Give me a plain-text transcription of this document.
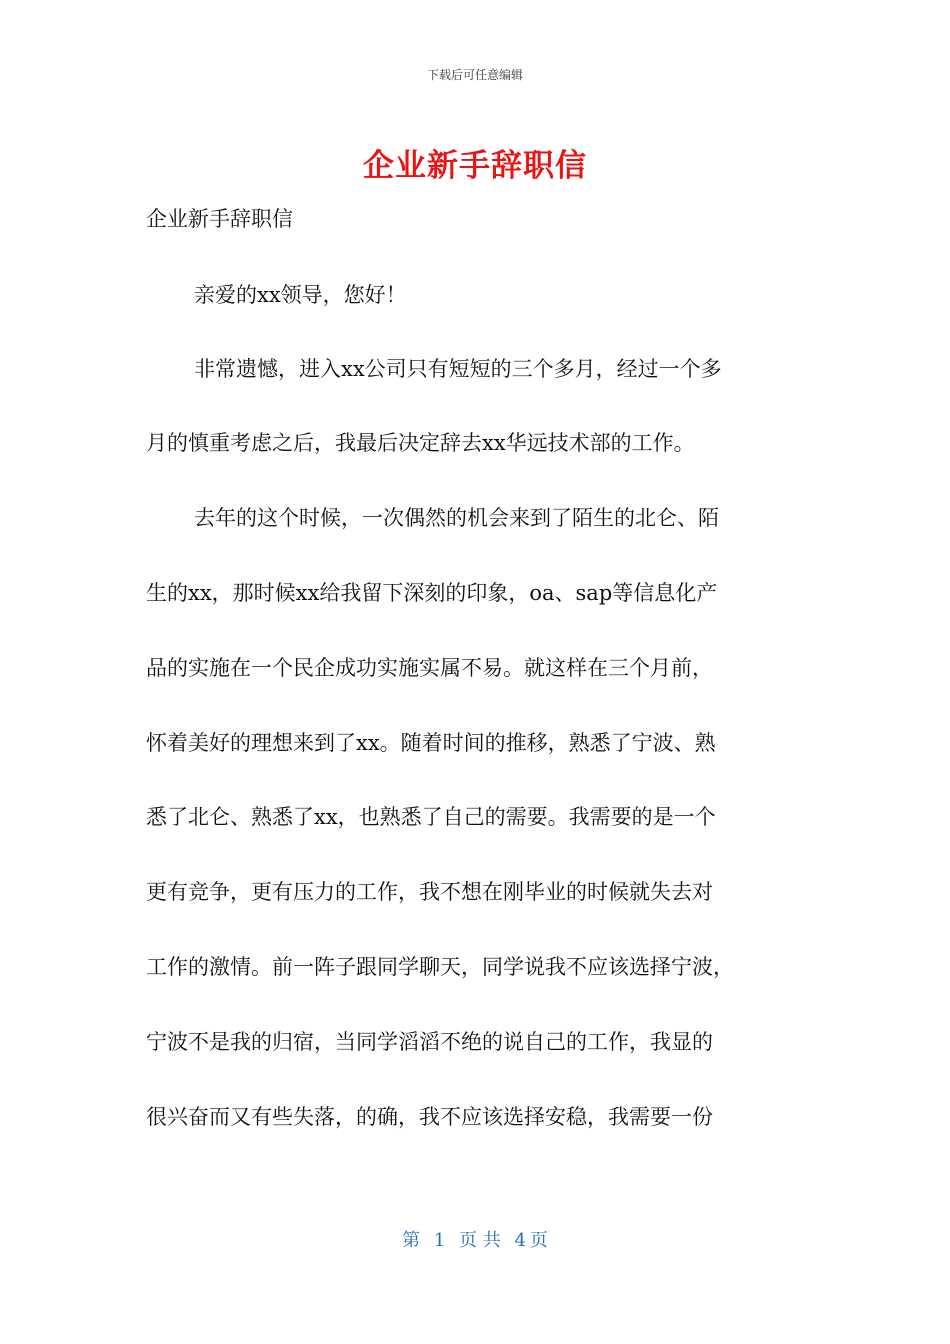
下载后可任意编辑
企业新手辞职信
企业新手辞职信
亲爱的xx领导，您好！
非常遗憾，进入xx公司只有短短的三个多月，经过一个多
月的慎重考虑之后，我最后决定辞去xx华远技术部的工作。
去年的这个时候，一次偶然的机会来到了陌生的北仑、陌
生的xx，那时候xx给我留下深刻的印象，oa、sap等信息化产
品的实施在一个民企成功实施实属不易。就这样在三个月前，
怀着美好的理想来到了xx。随着时间的推移，熟悉了宁波、熟
悉了北仑、熟悉了xx，也熟悉了自己的需要。我需要的是一个
更有竞争，更有压力的工作，我不想在刚毕业的时候就失去对
工作的激情。前一阵子跟同学聊天，同学说我不应该选择宁波，
宁波不是我的归宿，当同学滔滔不绝的说自己的工作，我显的
很兴奋而又有些失落，的确，我不应该选择安稳，我需要一份
第 1 页 共 4 页
